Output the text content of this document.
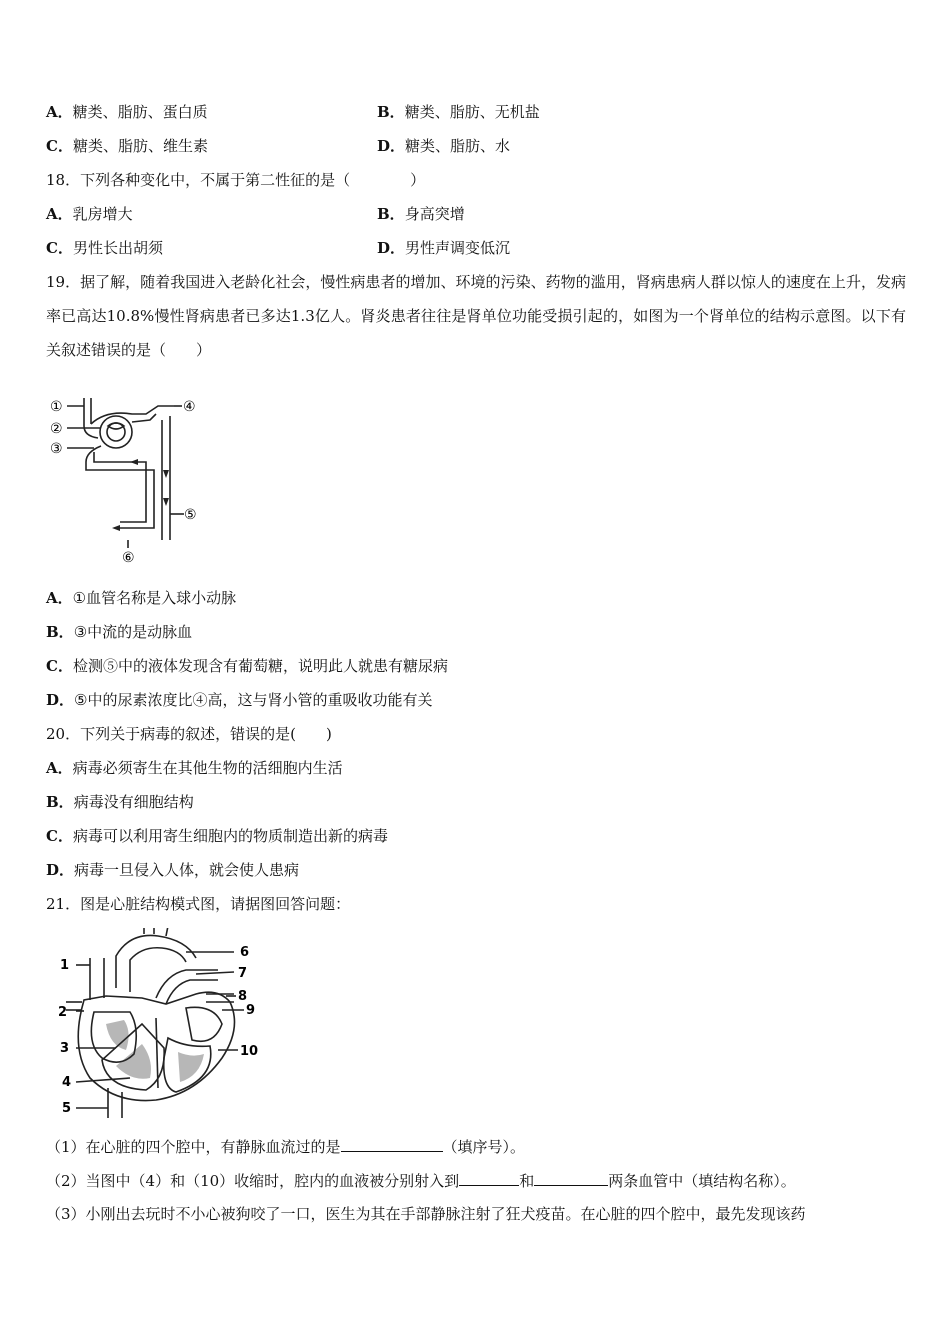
A．糖类、脂肪、蛋白质	B．糖类、脂肪、无机盐
C．糖类、脂肪、维生素	D．糖类、脂肪、水
18．下列各种变化中，不属于第二性征的是（　　　　）
A．乳房增大	B．身高突增
C．男性长出胡须	D．男性声调变低沉
19．据了解，随着我国进入老龄化社会，慢性病患者的增加、环境的污染、药物的滥用，肾病患病人群以惊人的速度在上升，发病率已高达10.8%慢性肾病患者已多达1.3亿人。肾炎患者往往是肾单位功能受损引起的，如图为一个肾单位的结构示意图。以下有关叙述错误的是（　　）
①
②
③
④
⑤
⑥
A．①血管名称是入球小动脉
B．③中流的是动脉血
C．检测⑤中的液体发现含有葡萄糖，说明此人就患有糖尿病
D．⑤中的尿素浓度比④高，这与肾小管的重吸收功能有关
20．下列关于病毒的叙述，错误的是(　　)
A．病毒必须寄生在其他生物的活细胞内生活
B．病毒没有细胞结构
C．病毒可以利用寄生细胞内的物质制造出新的病毒
D．病毒一旦侵入人体，就会使人患病
21．图是心脏结构模式图，请据图回答问题：
1
2
3
4
5
6
7
8
9
10
（1）在心脏的四个腔中，有静脉血流过的是	（填序号）。
（2）当图中（4）和（10）收缩时，腔内的血液被分别射入到	和	两条血管中（填结构名称）。
（3）小刚出去玩时不小心被狗咬了一口，医生为其在手部静脉注射了狂犬疫苗。在心脏的四个腔中，最先发现该药
